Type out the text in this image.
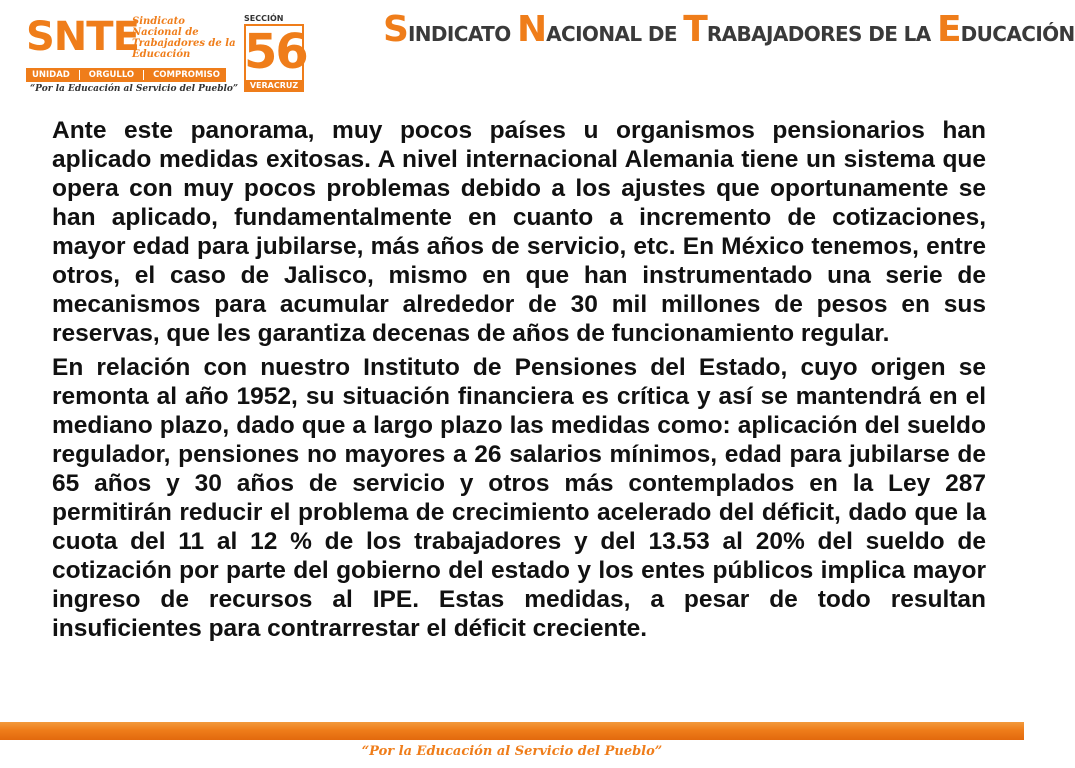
SNTE
Sindicato
Nacional de
Trabajadores de la
Educación
UNIDAD	ORGULLO	COMPROMISO
“Por la Educación al Servicio del Pueblo”
SECCIÓN
56
VERACRUZ
SINDICATO NACIONAL DE TRABAJADORES DE LA EDUCACIÓN

Ante este panorama, muy pocos países u organismos pensionarios han aplicado medidas exitosas. A nivel internacional Alemania tiene un sistema que opera con muy pocos problemas debido a los ajustes que oportunamente se han aplicado, fundamentalmente en cuanto a incremento de cotizaciones, mayor edad para jubilarse, más años de servicio, etc. En México tenemos, entre otros, el caso de Jalisco, mismo en que han instrumentado una serie de mecanismos para acumular alrededor de 30 mil millones de pesos en sus reservas, que les garantiza decenas de años de funcionamiento regular.

En relación con nuestro Instituto de Pensiones del Estado, cuyo origen se remonta al año 1952, su situación financiera es crítica y así se mantendrá en el mediano plazo, dado que a largo plazo las medidas como: aplicación del sueldo regulador, pensiones no mayores a 26 salarios mínimos, edad para jubilarse de 65 años y 30 años de servicio y otros más contemplados en la Ley 287 permitirán reducir el problema de crecimiento acelerado del déficit, dado que la cuota del 11 al 12 % de los trabajadores y del 13.53 al 20% del sueldo de cotización por parte del gobierno del estado y los entes públicos implica mayor ingreso de recursos al IPE. Estas medidas, a pesar de todo resultan insuficientes para contrarrestar el déficit creciente.

“Por la Educación al Servicio del Pueblo”
